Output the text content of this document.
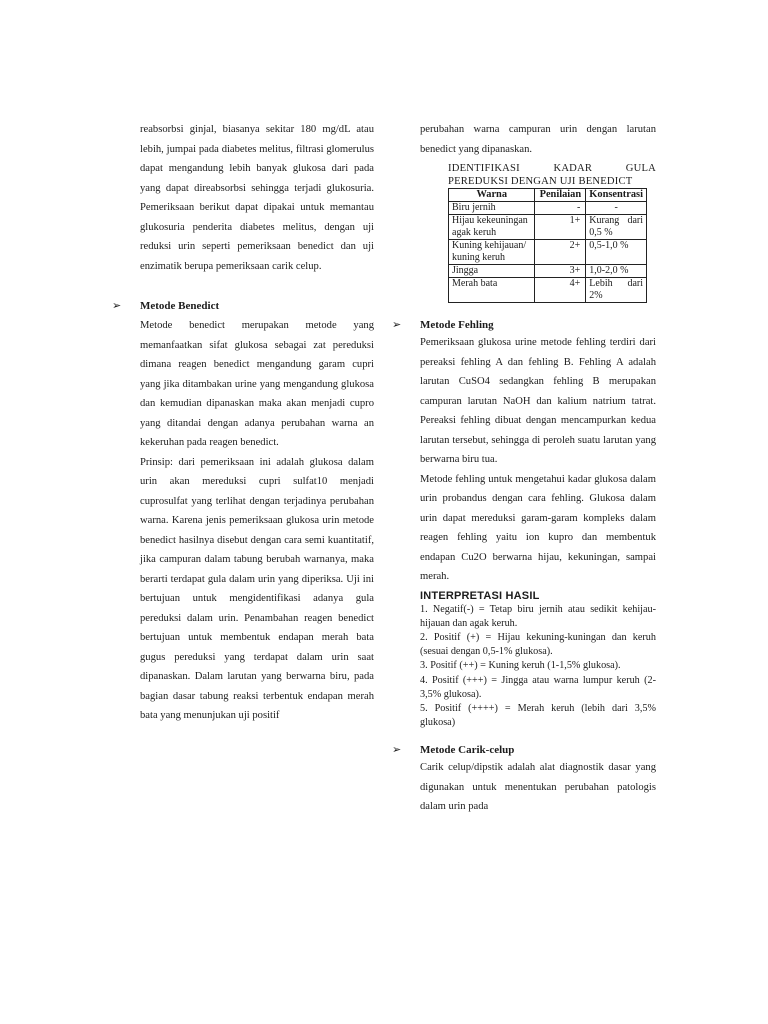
reabsorbsi ginjal, biasanya sekitar 180 mg/dL atau lebih, jumpai pada diabetes melitus, filtrasi glomerulus dapat mengandung lebih banyak glukosa dari pada yang dapat direabsorbsi sehingga terjadi glukosuria. Pemeriksaan berikut dapat dipakai untuk memantau glukosuria penderita diabetes melitus, dengan uji reduksi urin seperti pemeriksaan benedict dan uji enzimatik berupa pemeriksaan carik celup.

➢ Metode Benedict

Metode benedict merupakan metode yang memanfaatkan sifat glukosa sebagai zat pereduksi dimana reagen benedict mengandung garam cupri yang jika ditambakan urine yang mengandung glukosa dan kemudian dipanaskan maka akan menjadi cupro yang ditandai dengan adanya perubahan warna an kekeruhan pada reagen benedict.

Prinsip: dari pemeriksaan ini adalah glukosa dalam urin akan mereduksi cupri sulfat10 menjadi cuprosulfat yang terlihat dengan terjadinya perubahan warna. Karena jenis pemeriksaan glukosa urin metode benedict hasilnya disebut dengan cara semi kuantitatif, jika campuran dalam tabung berubah warnanya, maka berarti terdapat gula dalam urin yang diperiksa. Uji ini bertujuan untuk mengidentifikasi adanya gula pereduksi dalam urin. Penambahan reagen benedict bertujuan untuk membentuk endapan merah bata gugus pereduksi yang terdapat dalam urin saat dipanaskan. Dalam larutan yang berwarna biru, pada bagian dasar tabung reaksi terbentuk endapan merah bata yang menunjukan uji positif

perubahan warna campuran urin dengan larutan benedict yang dipanaskan.

IDENTIFIKASI	KADAR	GULA
PEREDUKSI DENGAN UJI BENEDICT
Warna	Penilaian	Konsentrasi
Biru jernih	-	-
Hijau kekeuningan agak keruh	1+	Kurang dari 0,5 %
Kuning kehijauan/ kuning keruh	2+	0,5-1,0 %
Jingga	3+	1,0-2,0 %
Merah bata	4+	Lebih dari 2%

➢ Metode Fehling

Pemeriksaan glukosa urine metode fehling terdiri dari pereaksi fehling A dan fehling B. Fehling A adalah larutan CuSO4 sedangkan fehling B merupakan campuran larutan NaOH dan kalium natrium tatrat. Pereaksi fehling dibuat dengan mencampurkan kedua larutan tersebut, sehingga di peroleh suatu larutan yang berwarna biru tua.

Metode fehling untuk mengetahui kadar glukosa dalam urin probandus dengan cara fehling. Glukosa dalam urin dapat mereduksi garam-garam kompleks dalam reagen fehling yaitu ion kupro dan membentuk endapan Cu2O berwarna hijau, kekuningan, sampai merah.

INTERPRETASI HASIL

1. Negatif(-) = Tetap biru jernih atau sedikit kehijau-hijauan dan agak keruh.

2. Positif (+) = Hijau kekuning-kuningan dan keruh (sesuai dengan 0,5-1% glukosa).

3. Positif (++) = Kuning keruh (1-1,5% glukosa).

4. Positif (+++) = Jingga atau warna lumpur keruh (2-3,5% glukosa).

5. Positif (++++) = Merah keruh (lebih dari 3,5% glukosa)

➢ Metode Carik-celup

Carik celup/dipstik adalah alat diagnostik dasar yang digunakan untuk menentukan perubahan patologis dalam urin pada
